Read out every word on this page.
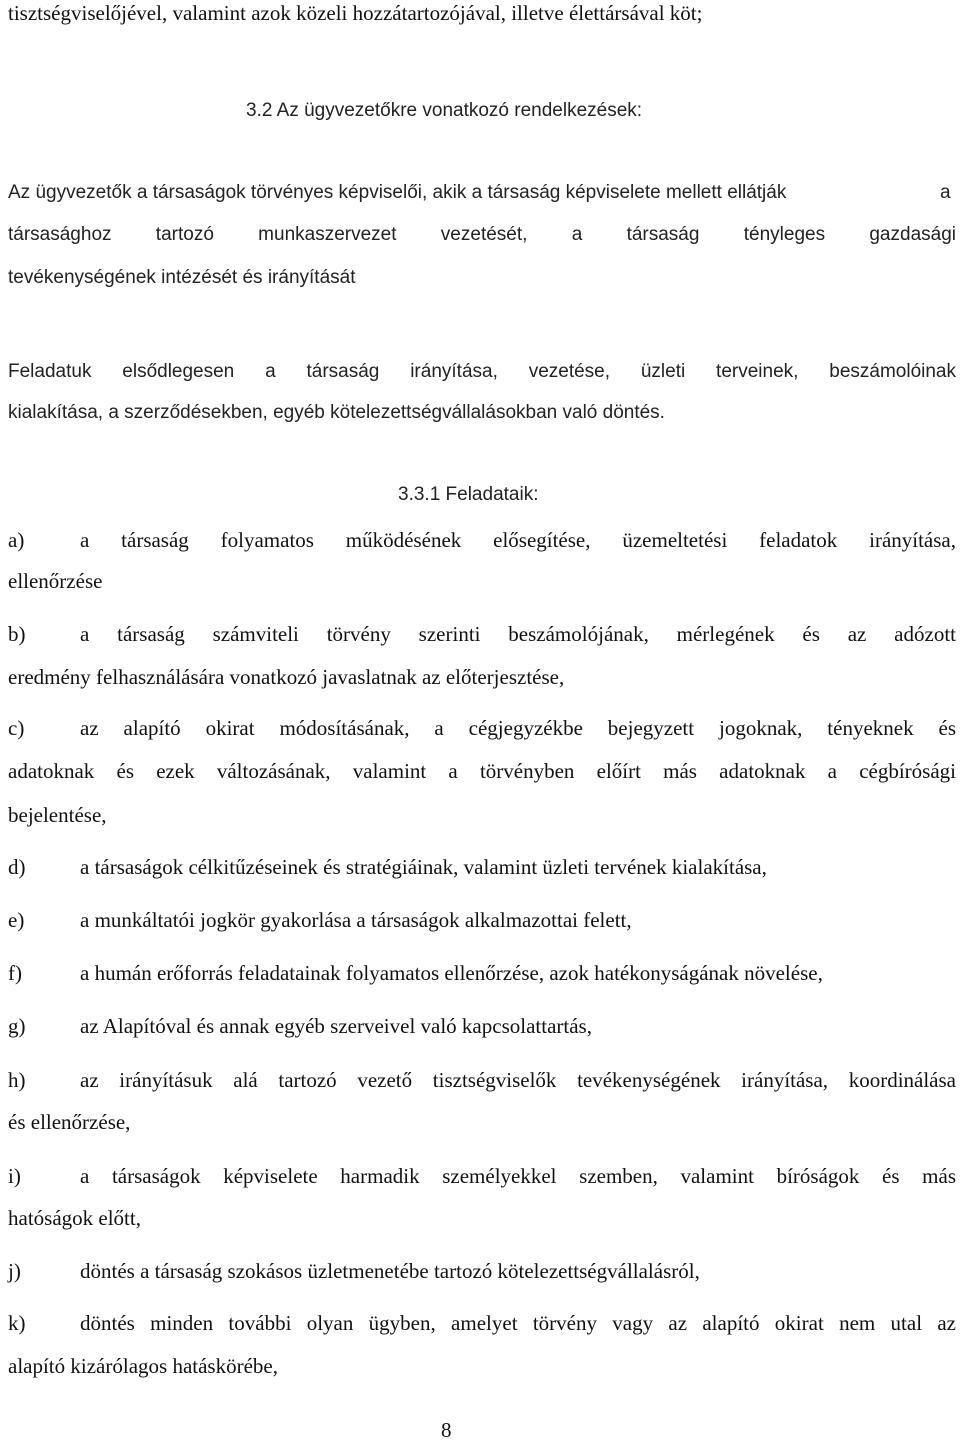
tisztségviselőjével, valamint azok közeli hozzátartozójával, illetve élettársával köt;
3.2 Az ügyvezetőkre vonatkozó rendelkezések:
Az ügyvezetők a társaságok törvényes képviselői, akik a társaság képviselete mellett ellátják	a
társasághoz tartozó munkaszervezet vezetését, a társaság tényleges gazdasági
tevékenységének intézését és irányítását
Feladatuk elsődlegesen a társaság irányítása, vezetése, üzleti terveinek, beszámolóinak
kialakítása, a szerződésekben, egyéb kötelezettségvállalásokban való döntés.
3.3.1 Feladataik:
a)	a társaság folyamatos működésének elősegítése, üzemeltetési feladatok irányítása,
ellenőrzése
b)	a társaság számviteli törvény szerinti beszámolójának, mérlegének és az adózott
eredmény felhasználására vonatkozó javaslatnak az előterjesztése,
c)	az alapító okirat módosításának, a cégjegyzékbe bejegyzett jogoknak, tényeknek és
adatoknak és ezek változásának, valamint a törvényben előírt más adatoknak a cégbírósági
bejelentése,
d)	a társaságok célkitűzéseinek és stratégiáinak, valamint üzleti tervének kialakítása,
e)	a munkáltatói jogkör gyakorlása a társaságok alkalmazottai felett,
f)	a humán erőforrás feladatainak folyamatos ellenőrzése, azok hatékonyságának növelése,
g)	az Alapítóval és annak egyéb szerveivel való kapcsolattartás,
h)	az irányításuk alá tartozó vezető tisztségviselők tevékenységének irányítása, koordinálása
és ellenőrzése,
i)	a társaságok képviselete harmadik személyekkel szemben, valamint bíróságok és más
hatóságok előtt,
j)	döntés a társaság szokásos üzletmenetébe tartozó kötelezettségvállalásról,
k)	döntés minden további olyan ügyben, amelyet törvény vagy az alapító okirat nem utal az
alapító kizárólagos hatáskörébe,
8
